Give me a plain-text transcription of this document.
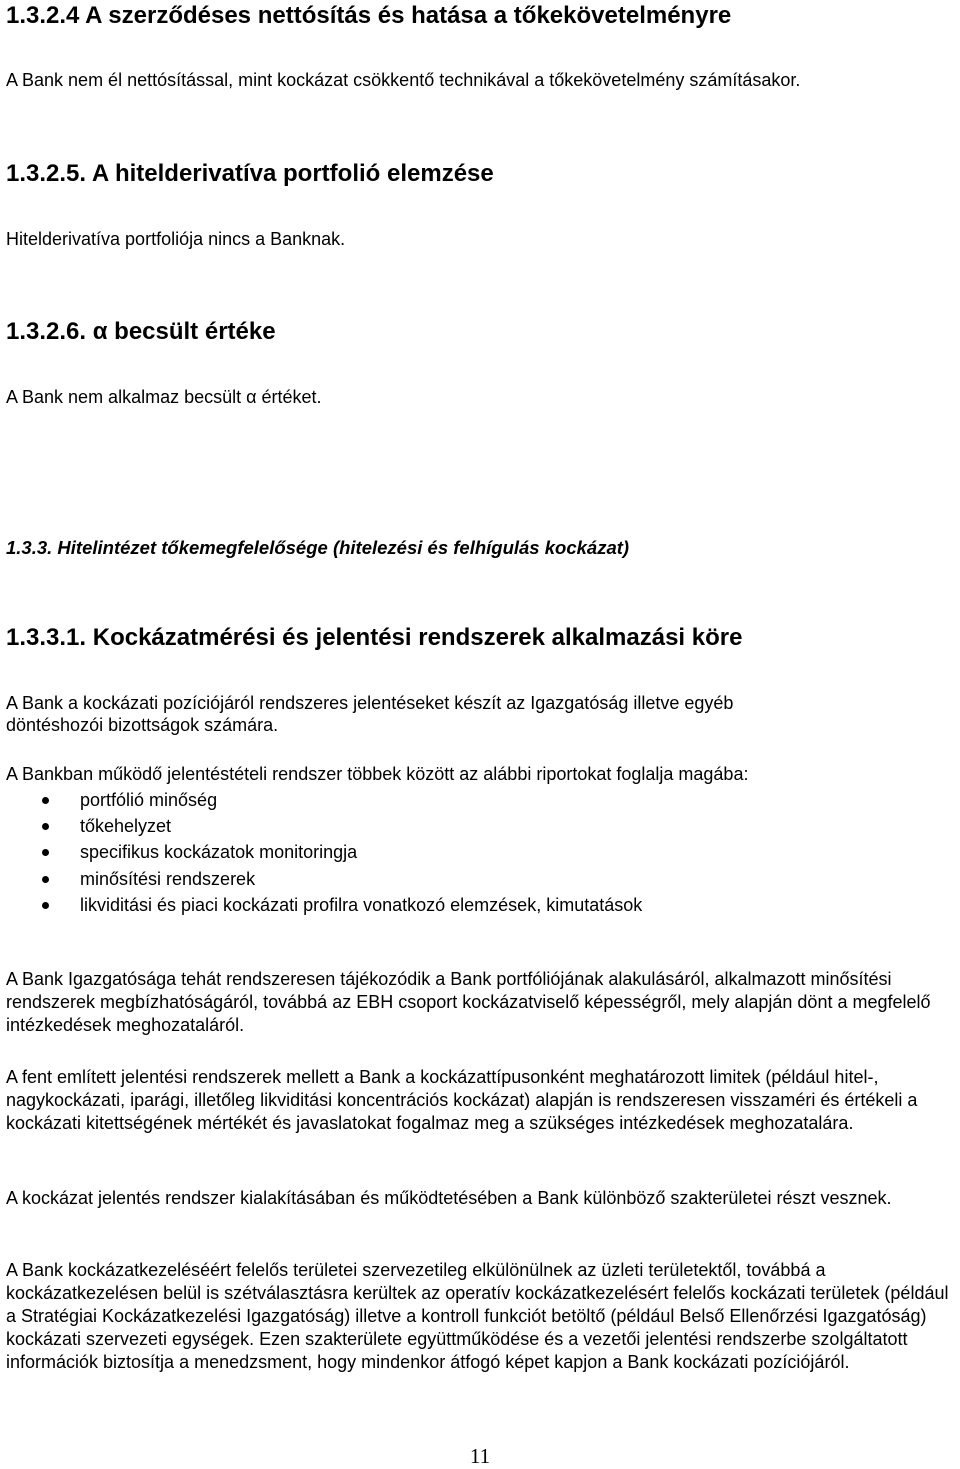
1.3.2.4 A szerződéses nettósítás és hatása a tőkekövetelményre

A Bank nem él nettósítással, mint kockázat csökkentő technikával a tőkekövetelmény számításakor.

1.3.2.5. A hitelderivatíva portfolió elemzése

Hitelderivatíva portfoliója nincs a Banknak.

1.3.2.6. α becsült értéke

A Bank nem alkalmaz becsült α értéket.

1.3.3. Hitelintézet tőkemegfelelősége (hitelezési és felhígulás kockázat)
1.3.3.1. Kockázatmérési és jelentési rendszerek alkalmazási köre

A Bank a kockázati pozíciójáról rendszeres jelentéseket készít az Igazgatóság illetve egyéb

döntéshozói bizottságok számára.

A Bankban működő jelentéstételi rendszer többek között az alábbi riportokat foglalja magába:

portfólió minőség
tőkehelyzet
specifikus kockázatok monitoringja
minősítési rendszerek
likviditási és piaci kockázati profilra vonatkozó elemzések, kimutatások

A Bank Igazgatósága tehát rendszeresen tájékozódik a Bank portfóliójának alakulásáról, alkalmazott minősítési rendszerek megbízhatóságáról, továbbá az EBH csoport kockázatviselő képességről, mely alapján dönt a megfelelő intézkedések meghozataláról.

A fent említett jelentési rendszerek mellett a Bank a kockázattípusonként meghatározott limitek (például hitel-, nagykockázati, iparági, illetőleg likviditási koncentrációs kockázat) alapján is rendszeresen visszaméri és értékeli a kockázati kitettségének mértékét és javaslatokat fogalmaz meg a szükséges intézkedések meghozatalára.

A kockázat jelentés rendszer kialakításában és működtetésében a Bank különböző szakterületei részt vesznek.

A Bank kockázatkezeléséért felelős területei szervezetileg elkülönülnek az üzleti területektől, továbbá a kockázatkezelésen belül is szétválasztásra kerültek az operatív kockázatkezelésért felelős kockázati területek (például a Stratégiai Kockázatkezelési Igazgatóság) illetve a kontroll funkciót betöltő (például Belső Ellenőrzési Igazgatóság) kockázati szervezeti egységek. Ezen szakterülete együttműködése és a vezetői jelentési rendszerbe szolgáltatott információk biztosítja a menedzsment, hogy mindenkor átfogó képet kapjon a Bank kockázati pozíciójáról.

11
